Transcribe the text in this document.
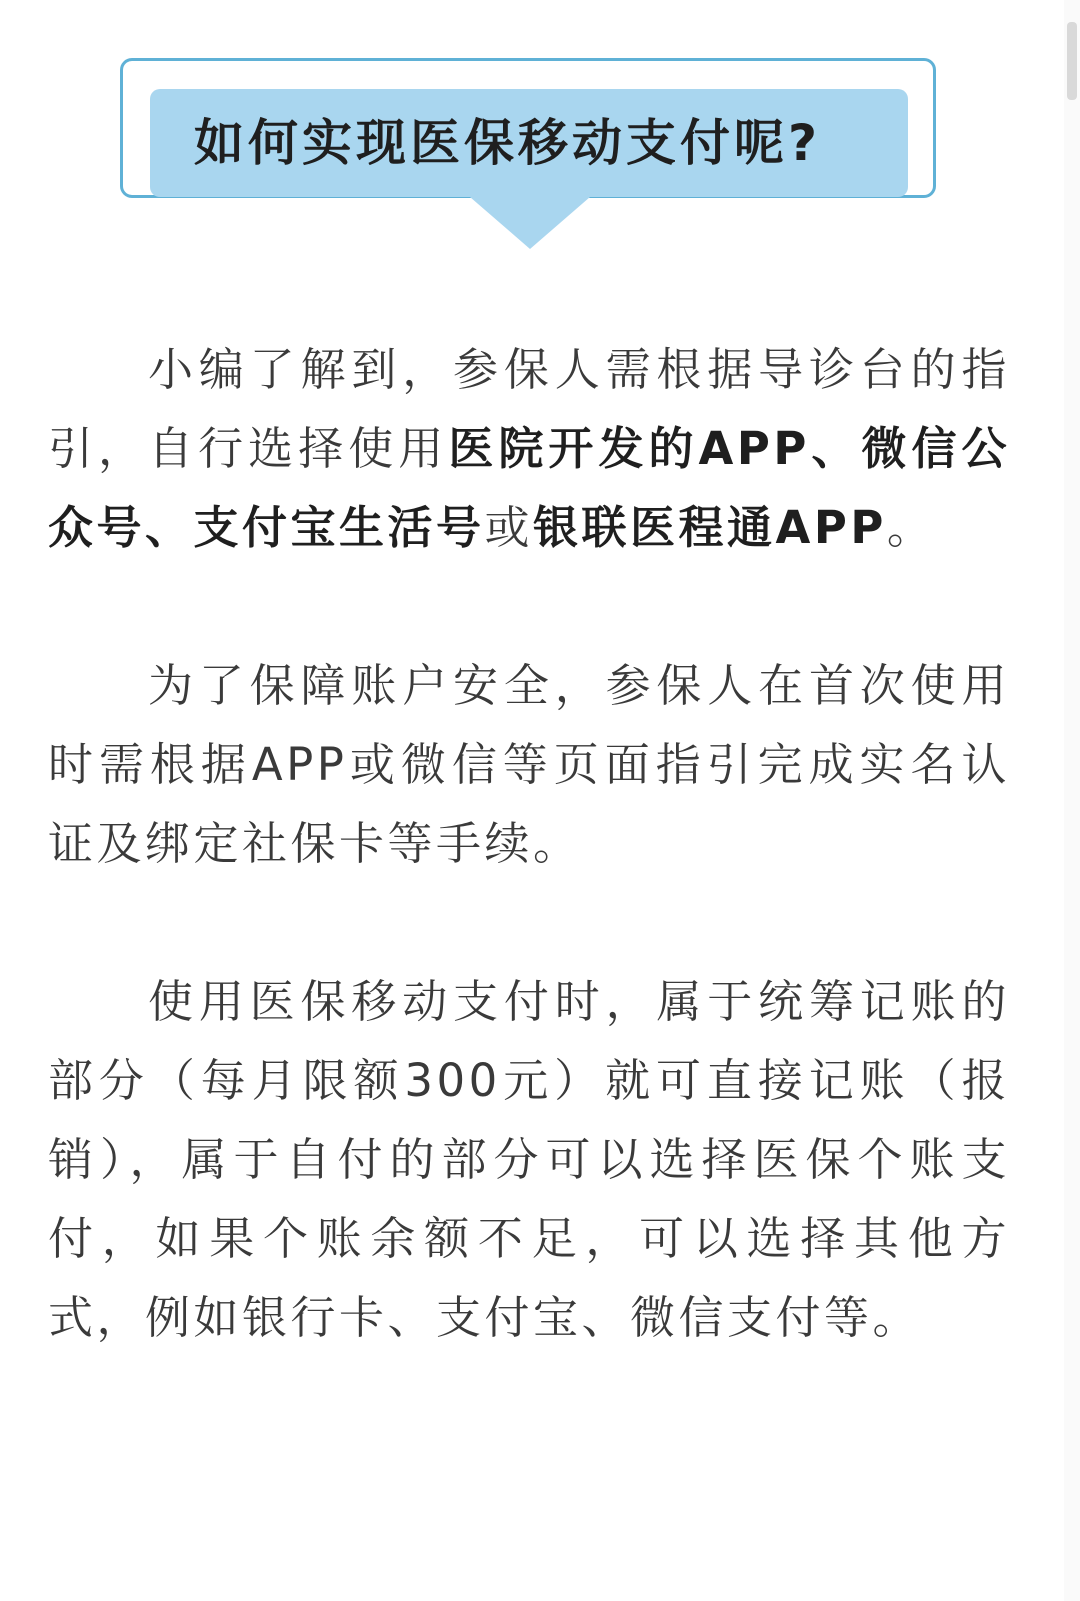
如何实现医保移动支付呢?

小编了解到，参保人需根据导诊台的指引，自行选择使用医院开发的APP、微信公众号、支付宝生活号或银联医程通APP。

为了保障账户安全，参保人在首次使用时需根据APP或微信等页面指引完成实名认证及绑定社保卡等手续。

使用医保移动支付时，属于统筹记账的部分（每月限额300元）就可直接记账（报销），属于自付的部分可以选择医保个账支付，如果个账余额不足，可以选择其他方式，例如银行卡、支付宝、微信支付等。
